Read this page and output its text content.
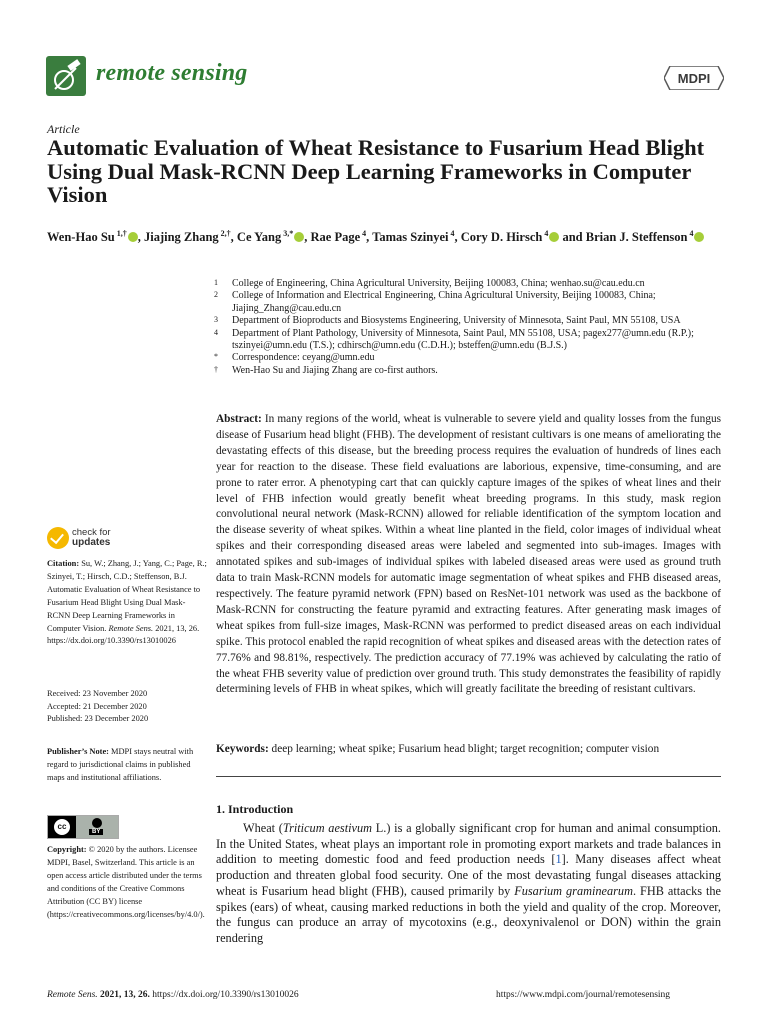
remote sensing	MDPI
Article
Automatic Evaluation of Wheat Resistance to Fusarium Head Blight Using Dual Mask-RCNN Deep Learning Frameworks in Computer Vision
Wen-Hao Su $^{1,\dagger}$ , Jiajing Zhang $^{2,\dagger}$, Ce Yang $^{3,*}$ , Rae Page $^4$, Tamas Szinyei $^4$, Cory D. Hirsch $^4$ and Brian J. Steffenson $^4$
1	College of Engineering, China Agricultural University, Beijing 100083, China; wenhao.su@cau.edu.cn
2	College of Information and Electrical Engineering, China Agricultural University, Beijing 100083, China; Jiajing_Zhang@cau.edu.cn
3	Department of Bioproducts and Biosystems Engineering, University of Minnesota, Saint Paul, MN 55108, USA
4	Department of Plant Pathology, University of Minnesota, Saint Paul, MN 55108, USA; pagex277@umn.edu (R.P.); tszinyei@umn.edu (T.S.); cdhirsch@umn.edu (C.D.H.); bsteffen@umn.edu (B.J.S.)
*	Correspondence: ceyang@umn.edu
†	Wen-Hao Su and Jiajing Zhang are co-first authors.
Abstract: In many regions of the world, wheat is vulnerable to severe yield and quality losses from the fungus disease of Fusarium head blight (FHB). The development of resistant cultivars is one means of ameliorating the devastating effects of this disease, but the breeding process requires the evaluation of hundreds of lines each year for reaction to the disease. These field evaluations are laborious, expensive, time-consuming, and are prone to rater error. A phenotyping cart that can quickly capture images of the spikes of wheat lines and their level of FHB infection would greatly benefit wheat breeding programs. In this study, mask region convolutional neural network (Mask-RCNN) allowed for reliable identification of the symptom location and the disease severity of wheat spikes. Within a wheat line planted in the field, color images of individual wheat spikes and their corresponding diseased areas were labeled and segmented into sub-images. Images with annotated spikes and sub-images of individual spikes with labeled diseased areas were used as ground truth data to train Mask-RCNN models for automatic image segmentation of wheat spikes and FHB diseased areas, respectively. The feature pyramid network (FPN) based on ResNet-101 network was used as the backbone of Mask-RCNN for constructing the feature pyramid and extracting features. After generating mask images of wheat spikes from full-size images, Mask-RCNN was performed to predict diseased areas on each individual spike. This protocol enabled the rapid recognition of wheat spikes and diseased areas with the detection rates of 77.76% and 98.81%, respectively. The prediction accuracy of 77.19% was achieved by calculating the ratio of the wheat FHB severity value of prediction over ground truth. This study demonstrates the feasibility of rapidly determining levels of FHB in wheat spikes, which will greatly facilitate the breeding of resistant cultivars.
Keywords: deep learning; wheat spike; Fusarium head blight; target recognition; computer vision
check for
updates
Citation: Su, W.; Zhang, J.; Yang, C.; Page, R.; Szinyei, T.; Hirsch, C.D.; Steffenson, B.J. Automatic Evaluation of Wheat Resistance to Fusarium Head Blight Using Dual Mask-RCNN Deep Learning Frameworks in Computer Vision. Remote Sens. 2021, 13, 26. https://dx.doi.org/10.3390/rs13010026
Received: 23 November 2020
Accepted: 21 December 2020
Published: 23 December 2020
Publisher’s Note: MDPI stays neutral with regard to jurisdictional claims in published maps and institutional affiliations.
cc
BY
Copyright: © 2020 by the authors. Licensee MDPI, Basel, Switzerland. This article is an open access article distributed under the terms and conditions of the Creative Commons Attribution (CC BY) license (https://creativecommons.org/licenses/by/4.0/).
1. Introduction
Wheat (Triticum aestivum L.) is a globally significant crop for human and animal consumption. In the United States, wheat plays an important role in promoting export markets and trade balances in addition to meeting domestic food and feed production needs [1]. Many diseases affect wheat production and threaten global food security. One of the most devastating fungal diseases attacking wheat is Fusarium head blight (FHB), caused primarily by Fusarium graminearum. FHB attacks the spikes (ears) of wheat, causing marked reductions in both the yield and quality of the crop. Moreover, the fungus can produce an array of mycotoxins (e.g., deoxynivalenol or DON) within the grain rendering
Remote Sens. 2021, 13, 26. https://dx.doi.org/10.3390/rs13010026	https://www.mdpi.com/journal/remotesensing
